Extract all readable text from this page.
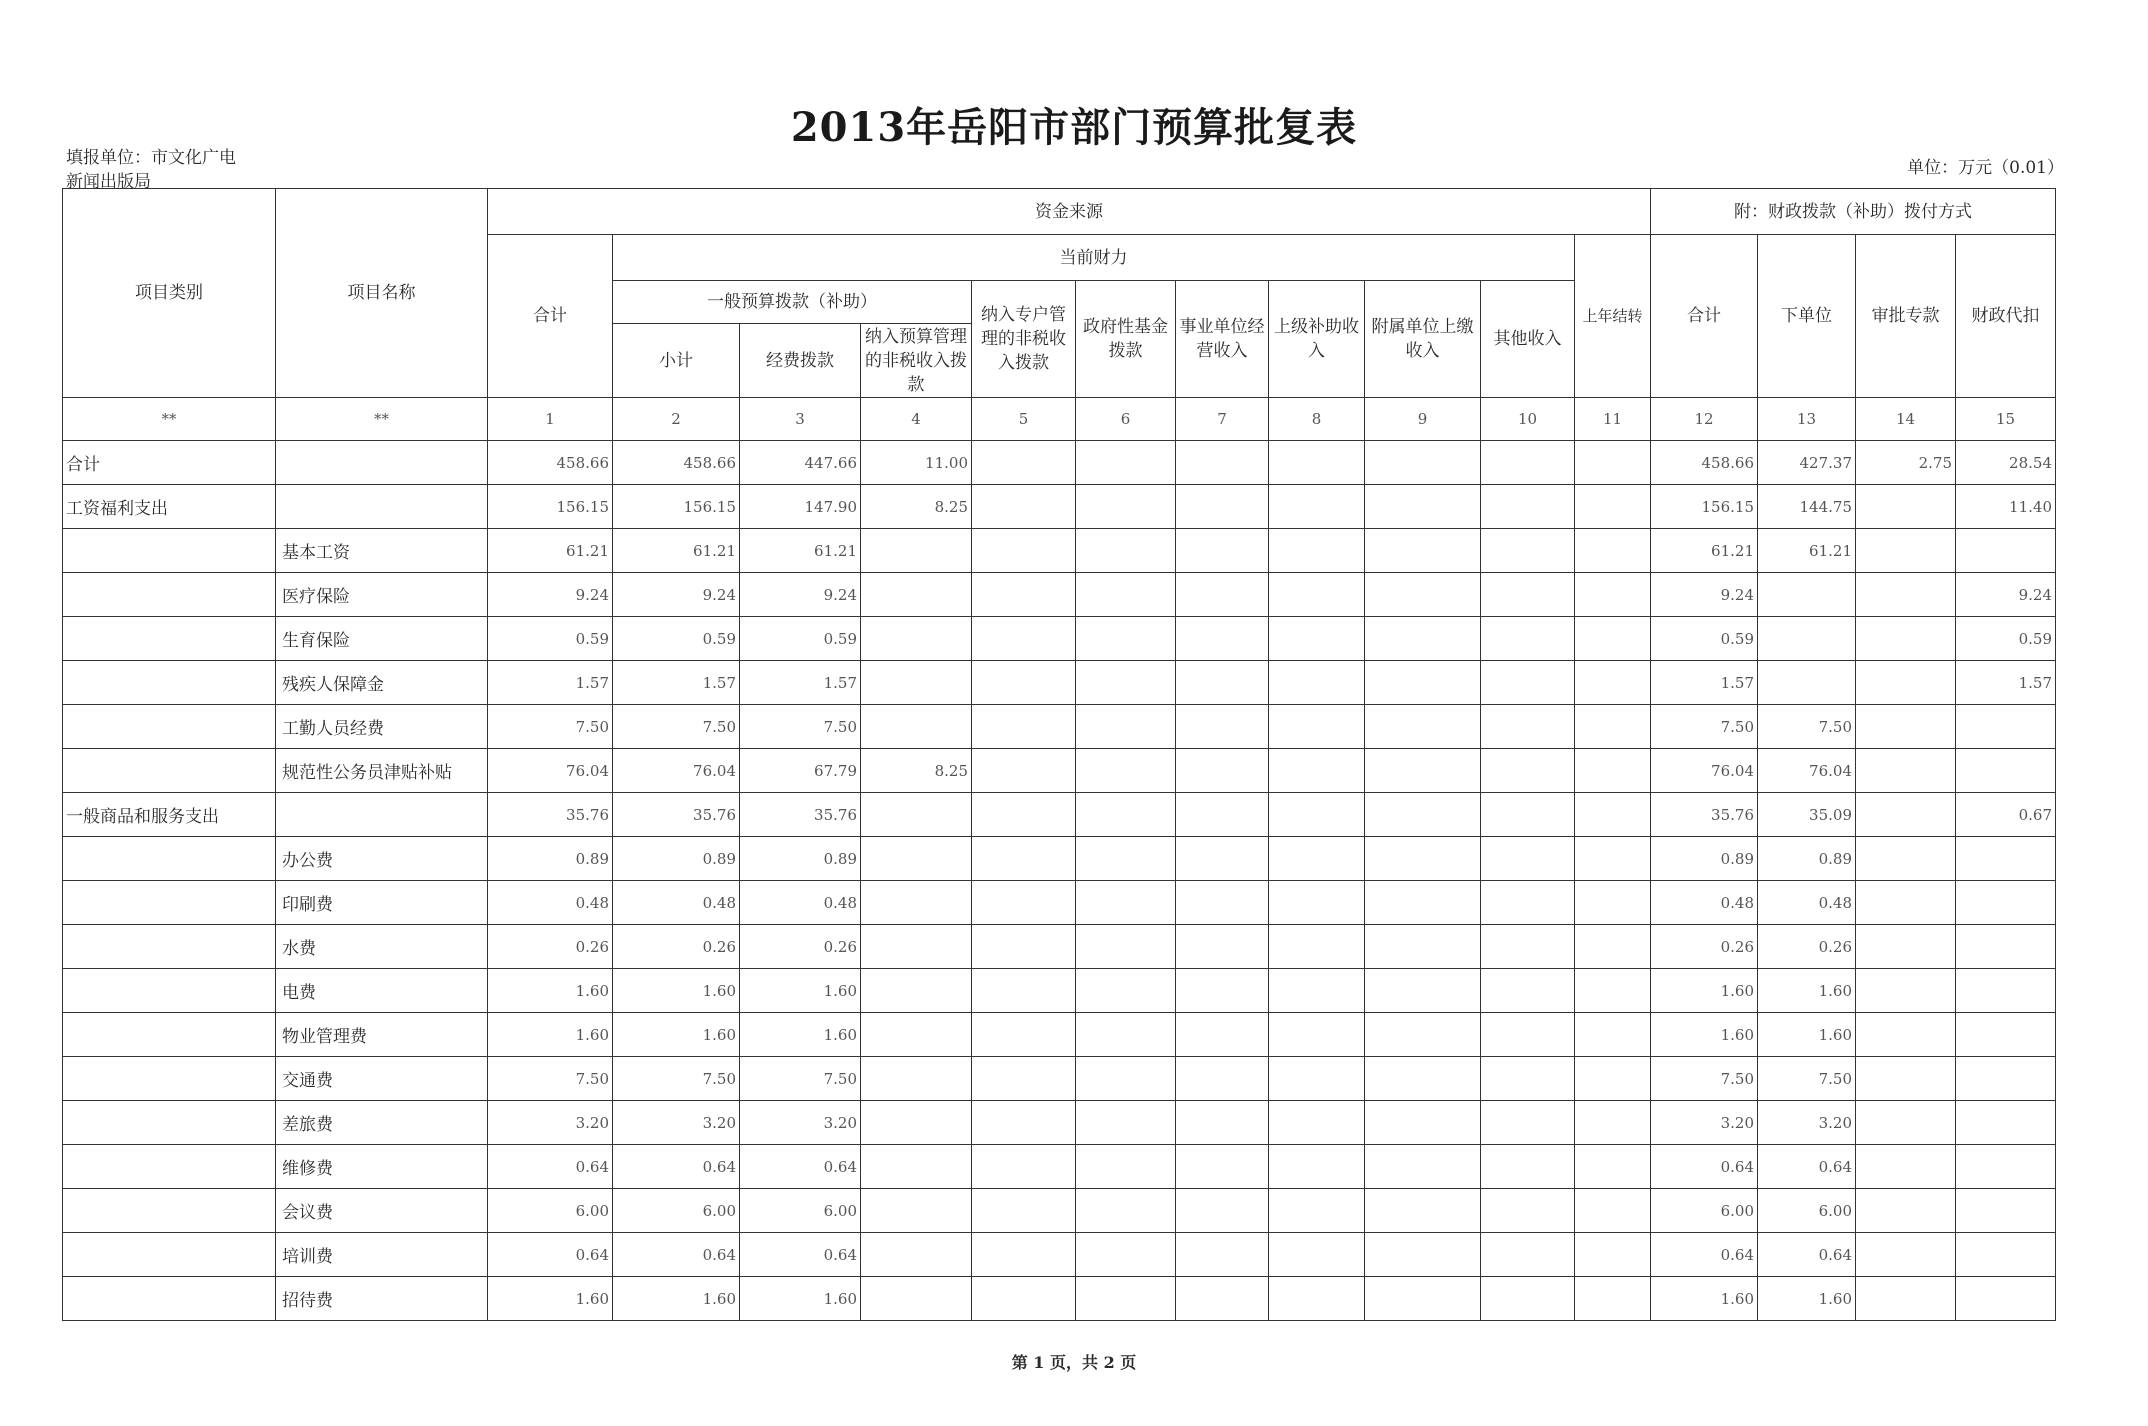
2013年岳阳市部门预算批复表
填报单位：市文化广电
新闻出版局
单位：万元（0.01）
项目类别	项目名称	资金来源											附：财政拨款（补助）拨付方式			
		合计	当前财力									上年结转	合计	下单位	审批专款	财政代扣
			一般预算拨款（补助）			纳入专户管理的非税收入拨款	政府性基金拨款	事业单位经营收入	上级补助收入	附属单位上缴收入	其他收入					
			小计	经费拨款	纳入预算管理的非税收入拨款											
**	**	1	2	3	4	5	6	7	8	9	10	11	12	13	14	15
合计		458.66	458.66	447.66	11.00								458.66	427.37	2.75	28.54
工资福利支出		156.15	156.15	147.90	8.25								156.15	144.75		11.40
	基本工资	61.21	61.21	61.21									61.21	61.21		
	医疗保险	9.24	9.24	9.24									9.24			9.24
	生育保险	0.59	0.59	0.59									0.59			0.59
	残疾人保障金	1.57	1.57	1.57									1.57			1.57
	工勤人员经费	7.50	7.50	7.50									7.50	7.50		
	规范性公务员津贴补贴	76.04	76.04	67.79	8.25								76.04	76.04		
一般商品和服务支出		35.76	35.76	35.76									35.76	35.09		0.67
	办公费	0.89	0.89	0.89									0.89	0.89		
	印刷费	0.48	0.48	0.48									0.48	0.48		
	水费	0.26	0.26	0.26									0.26	0.26		
	电费	1.60	1.60	1.60									1.60	1.60		
	物业管理费	1.60	1.60	1.60									1.60	1.60		
	交通费	7.50	7.50	7.50									7.50	7.50		
	差旅费	3.20	3.20	3.20									3.20	3.20		
	维修费	0.64	0.64	0.64									0.64	0.64		
	会议费	6.00	6.00	6.00									6.00	6.00		
	培训费	0.64	0.64	0.64									0.64	0.64		
	招待费	1.60	1.60	1.60									1.60	1.60		
第 1 页，共 2 页
